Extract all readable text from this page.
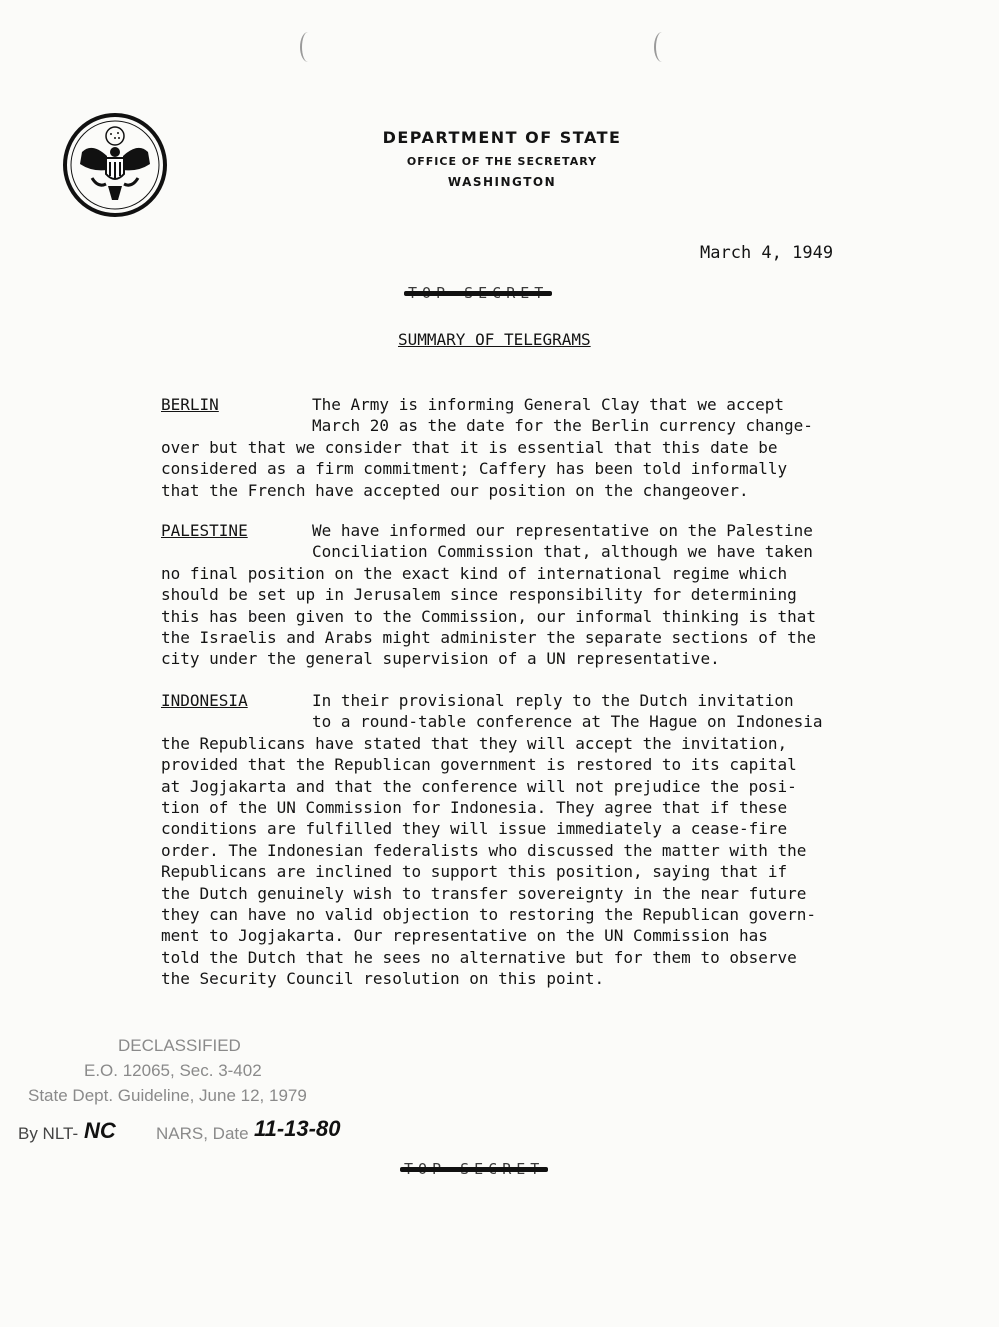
DEPARTMENT OF STATE

OFFICE OF THE SECRETARY

WASHINGTON

March 4, 1949
SUMMARY OF TELEGRAMS
BERLIN	The Army is informing General Clay that we accept

March 20 as the date for the Berlin currency change-

over but that we consider that it is essential that this date be

considered as a firm commitment; Caffery has been told informally

that the French have accepted our position on the changeover.

PALESTINE	We have informed our representative on the Palestine

Conciliation Commission that, although we have taken

no final position on the exact kind of international regime which

should be set up in Jerusalem since responsibility for determining

this has been given to the Commission, our informal thinking is that

the Israelis and Arabs might administer the separate sections of the

city under the general supervision of a UN representative.

INDONESIA	In their provisional reply to the Dutch invitation

to a round-table conference at The Hague on Indonesia

the Republicans have stated that they will accept the invitation,

provided that the Republican government is restored to its capital

at Jogjakarta and that the conference will not prejudice the posi-

tion of the UN Commission for Indonesia. They agree that if these

conditions are fulfilled they will issue immediately a cease-fire

order. The Indonesian federalists who discussed the matter with the

Republicans are inclined to support this position, saying that if

the Dutch genuinely wish to transfer sovereignty in the near future

they can have no valid objection to restoring the Republican govern-

ment to Jogjakarta. Our representative on the UN Commission has

told the Dutch that he sees no alternative but for them to observe

the Security Council resolution on this point.

DECLASSIFIED
E.O. 12065, Sec. 3-402
State Dept. Guideline, June 12, 1979
By NLT- NC NARS, Date 11-13-80
